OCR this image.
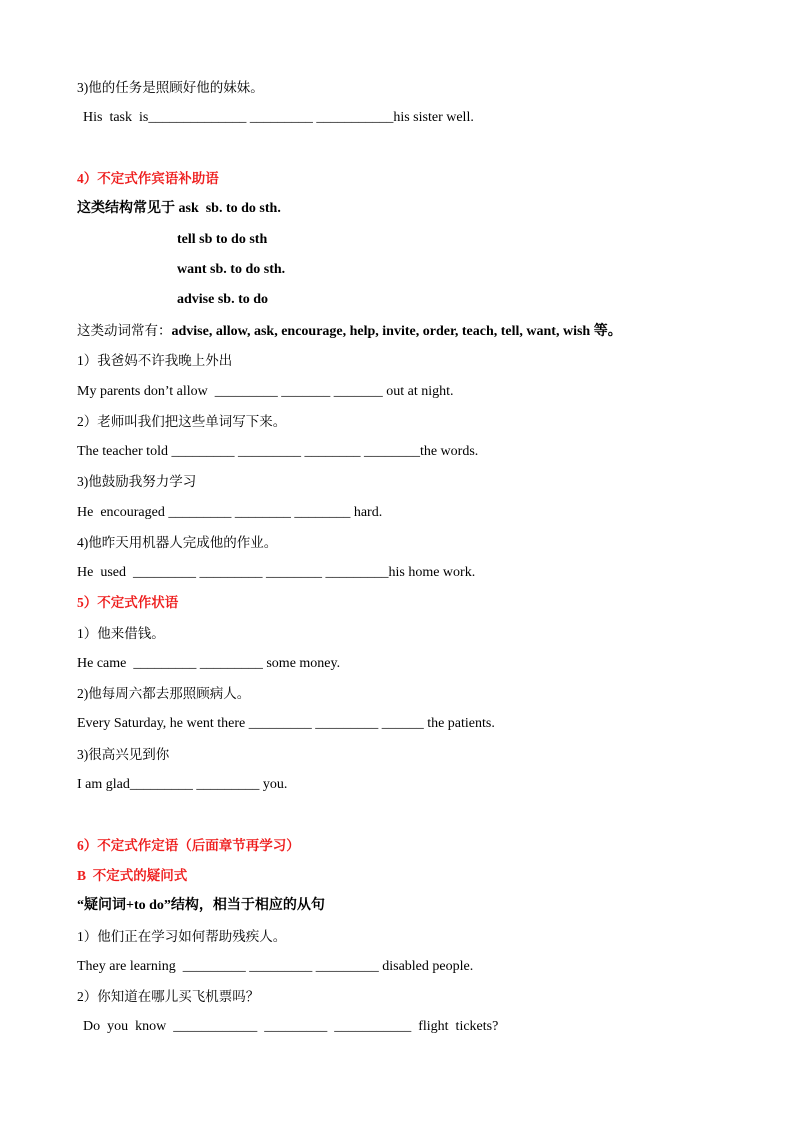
3)他的任务是照顾好他的妹妹。
His  task  is______________ _________ ___________his sister well.
4）不定式作宾语补助语
这类结构常见于 ask  sb. to do sth.
tell sb to do sth
want sb. to do sth.
advise sb. to do
这类动词常有：advise, allow, ask, encourage, help, invite, order, teach, tell, want, wish 等。
1）我爸妈不许我晚上外出
My parents don’t allow  _________ _______ _______ out at night.
2）老师叫我们把这些单词写下来。
The teacher told _________ _________ ________ ________the words.
3)他鼓励我努力学习
He  encouraged _________ ________ ________ hard.
4)他昨天用机器人完成他的作业。
He  used  _________ _________ ________ _________his home work.
5）不定式作状语
1）他来借钱。
He came  _________ _________ some money.
2)他每周六都去那照顾病人。
Every Saturday, he went there _________ _________ ______ the patients.
3)很高兴见到你
I am glad_________ _________ you.
6）不定式作定语（后面章节再学习）
B  不定式的疑问式
“疑问词+to do”结构，相当于相应的从句
1）他们正在学习如何帮助残疾人。
They are learning  _________ _________ _________ disabled people.
2）你知道在哪儿买飞机票吗？
Do  you  know  ____________  _________  ___________  flight  tickets?
